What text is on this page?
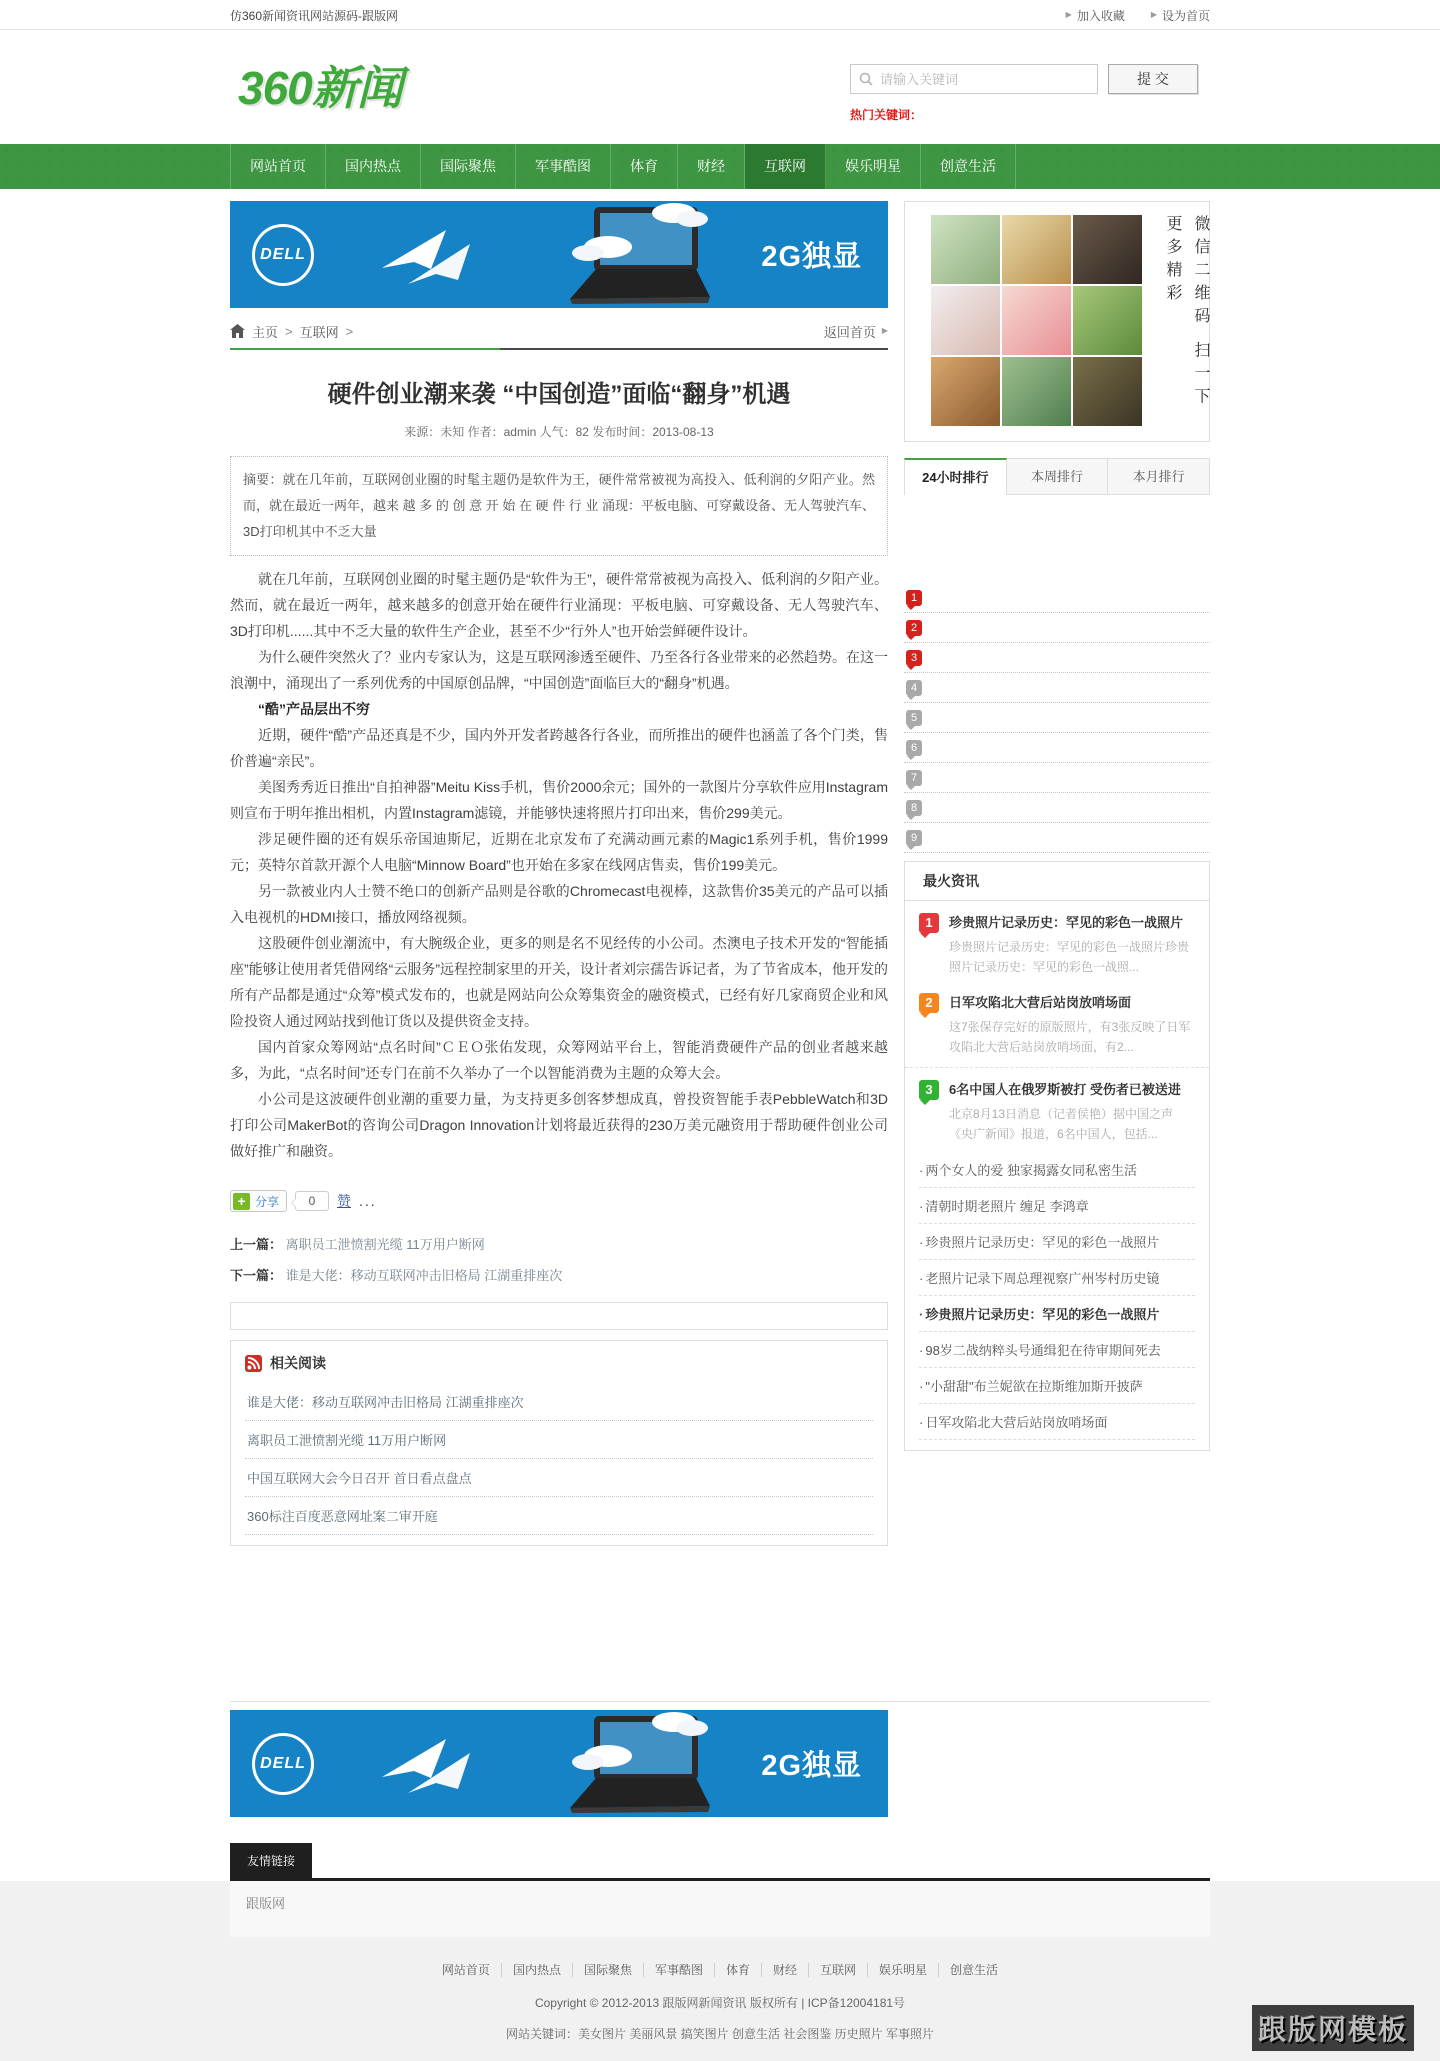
仿360新闻资讯网站源码-跟版网	▶ 加入收藏	▶ 设为首页
360新闻
请输入关键词	提 交
热门关键词：
网站首页	国内热点	国际聚焦	军事酷图	体育	财经	互联网	娱乐明星	创意生活
DELL	2G独显
主页 > 互联网 >	返回首页 ▶
硬件创业潮来袭 “中国创造”面临“翻身”机遇
来源：未知 作者：admin 人气：82 发布时间：2013-08-13
摘要：就在几年前，互联网创业圈的时髦主题仍是软件为王，硬件常常被视为高投入、低利润的夕阳产业。然而，就在最近一两年，越来 越 多 的 创 意 开 始 在 硬 件 行 业 涌现：平板电脑、可穿戴设备、无人驾驶汽车、3D打印机其中不乏大量

就在几年前，互联网创业圈的时髦主题仍是“软件为王”，硬件常常被视为高投入、低利润的夕阳产业。然而，就在最近一两年，越来越多的创意开始在硬件行业涌现：平板电脑、可穿戴设备、无人驾驶汽车、3D打印机......其中不乏大量的软件生产企业，甚至不少“行外人”也开始尝鲜硬件设计。

为什么硬件突然火了？业内专家认为，这是互联网渗透至硬件、乃至各行各业带来的必然趋势。在这一浪潮中，涌现出了一系列优秀的中国原创品牌，“中国创造”面临巨大的“翻身”机遇。

“酷”产品层出不穷

近期，硬件“酷”产品还真是不少，国内外开发者跨越各行各业，而所推出的硬件也涵盖了各个门类，售价普遍“亲民”。

美图秀秀近日推出“自拍神器”Meitu Kiss手机，售价2000余元；国外的一款图片分享软件应用Instagram则宣布于明年推出相机，内置Instagram滤镜，并能够快速将照片打印出来，售价299美元。

涉足硬件圈的还有娱乐帝国迪斯尼，近期在北京发布了充满动画元素的Magic1系列手机，售价1999元；英特尔首款开源个人电脑“Minnow Board”也开始在多家在线网店售卖，售价199美元。

另一款被业内人士赞不绝口的创新产品则是谷歌的Chromecast电视棒，这款售价35美元的产品可以插入电视机的HDMI接口，播放网络视频。

这股硬件创业潮流中，有大腕级企业，更多的则是名不见经传的小公司。杰澳电子技术开发的“智能插座”能够让使用者凭借网络“云服务”远程控制家里的开关，设计者刘宗孺告诉记者，为了节省成本，他开发的所有产品都是通过“众筹”模式发布的，也就是网站向公众筹集资金的融资模式，已经有好几家商贸企业和风险投资人通过网站找到他订货以及提供资金支持。

国内首家众筹网站“点名时间”ＣＥＯ张佑发现，众筹网站平台上，智能消费硬件产品的创业者越来越多，为此，“点名时间”还专门在前不久举办了一个以智能消费为主题的众筹大会。

小公司是这波硬件创业潮的重要力量，为支持更多创客梦想成真，曾投资智能手表PebbleWatch和3D打印公司MakerBot的咨询公司Dragon Innovation计划将最近获得的230万美元融资用于帮助硬件创业公司做好推广和融资。

+ 分享	0	赞 ...
上一篇： 离职员工泄愤割光缆 11万用户断网
下一篇： 谁是大佬：移动互联网冲击旧格局 江湖重排座次
相关阅读
谁是大佬：移动互联网冲击旧格局 江湖重排座次
离职员工泄愤割光缆 11万用户断网
中国互联网大会今日召开 首日看点盘点
360标注百度恶意网址案二审开庭
微信二维码 扫一下 更多精彩
24小时排行	本周排行	本月排行
1
2
3
4
5
6
7
8
9
最火资讯
1	珍贵照片记录历史：罕见的彩色一战照片
珍贵照片记录历史：罕见的彩色一战照片珍贵照片记录历史：罕见的彩色一战照...
2	日军攻陷北大营后站岗放哨场面
这7张保存完好的原版照片，有3张反映了日军攻陷北大营后站岗放哨场面，有2...
3	6名中国人在俄罗斯被打 受伤者已被送进
北京8月13日消息（记者侯艳）据中国之声《央广新闻》报道，6名中国人，包括...
· 两个女人的爱 独家揭露女同私密生活
· 清朝时期老照片 缠足 李鸿章
· 珍贵照片记录历史：罕见的彩色一战照片
· 老照片记录下周总理视察广州岑村历史镜
· 珍贵照片记录历史：罕见的彩色一战照片
· 98岁二战纳粹头号通缉犯在待审期间死去
· "小甜甜"布兰妮欲在拉斯维加斯开披萨
· 日军攻陷北大营后站岗放哨场面
DELL	2G独显
友情链接
跟版网
网站首页 国内热点 国际聚焦 军事酷图 体育 财经 互联网 娱乐明星 创意生活
Copyright © 2012-2013 跟版网新闻资讯 版权所有 | ICP备12004181号
网站关键词：美女图片 美丽风景 搞笑图片 创意生活 社会图鉴 历史照片 军事照片	跟版网模板
